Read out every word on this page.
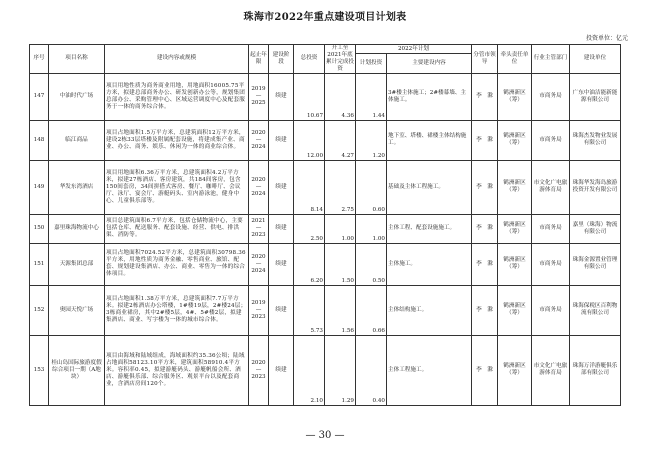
珠海市2022年重点建设项目计划表
投资单位：亿元
序号	项目名称	建设内容或规模	起止年限	建设阶段	总投资	开工至2021年底累计完成投资	2022年计划		分管市领导	牵头责任单位	行业主管部门	建设单位
							计划投资	主要建设内容				
147	中油时代广场	项目用地性质为商务商业用地，用地面积16005.75平方米，拟建总部商务办公、研发创新办公等，规划集团总部办公、采购管理中心、区域运营调度中心及配套服务于一体的商务综合体。	2019—2025	续建	10.67	4.36	1.44	3#楼主体施工；2#楼幕墙、主体施工。	李　滁	鹤洲新区（筹）	市商务局	广东中油洁能新能源有限公司
148	临江商品	项目占地面积1.5万平方米，总建筑面积12万平方米，建设2栋33层塔楼及附属配套设施，将建成集产业、商业、办公、商务、娱乐、休闲为一体的商业综合体。	2020—2024	续建	12.00	4.27	1.20	地下室、塔楼、裙楼主体结构施工。	李　滁	鹤洲新区（筹）	市商务局	珠海杰发物业发展有限公司
149	华发东湾酒店	项目用地面积6.36万平方米，总建筑面积4.2万平方米，拟建27栋酒店、客房建筑，共184间客房，包含150间套房，34间拼搭式客房、餐厅、咖啡厅、会议厅、泳厅、宴会厅、游艇码头、室内游泳池，健身中心、儿童俱乐部等。	2020—2024	续建	8.14	2.75	0.60	基础及主体工程施工。	李　滁	鹤洲新区（筹）	市文化广电旅游体育局	珠海华发海岛旅游投资开发有限公司
150	嘉里珠海物流中心	项目总建筑面积6.7平方米，包括仓储物流中心，主要包括仓库、配送服务、配套设施、经营、供电、排洪渠、消防等。	2021—2023	续建	2.50	1.00	1.00	主体工程、配套设施施工。	李　滁	鹤洲新区（筹）	市商务局	嘉里（珠海）物流有限公司
151	天源集团总部	项目占地面积7024.52平方米，总建筑面积30798.36平方米，用地性质为商务金融、零售商业、旅馆、配套、规划建设集酒店、办公、商业、零售为一体的综合体项目。	2020—2024	续建	6.20	1.50	0.50	主体施工。	李　滁	鹤洲新区（筹）	市商务局	珠海金源置业管理有限公司
152	奥园天悦广场	项目占地面积1.38万平方米，总建筑面积7.7万平方米。拟建2栋酒店办公塔楼，1#楼19层，2#楼24层；3栋商业裙房，其中2#楼5层，4#、5#楼2层，拟建集酒店、商业、写字楼为一体的城市综合体。	2019—2023	续建	5.73	1.56	0.66	主体结构施工。	李　滁	鹤洲新区（筹）	市商务局	珠海保税区百利物流有限公司
153	桂山岛国际旅游度假综合项目一期（A地块）	项目由海域和陆域组成，海域面积约35.36公顷；陆域占地面积58123.10平方米，建筑面积58910.4平方米。容积率0.45，拟建游艇码头、游艇帆船会所、酒店、游艇俱乐部、综合服务区、观景平台以及配套商业，含酒店房间120个。	2020—2023	续建	2.10	1.29	0.40	主体工程施工。	李　滁	鹤洲新区（筹）	市文化广电旅游体育局	珠海万洋游艇俱乐部有限公司
— 30 —
